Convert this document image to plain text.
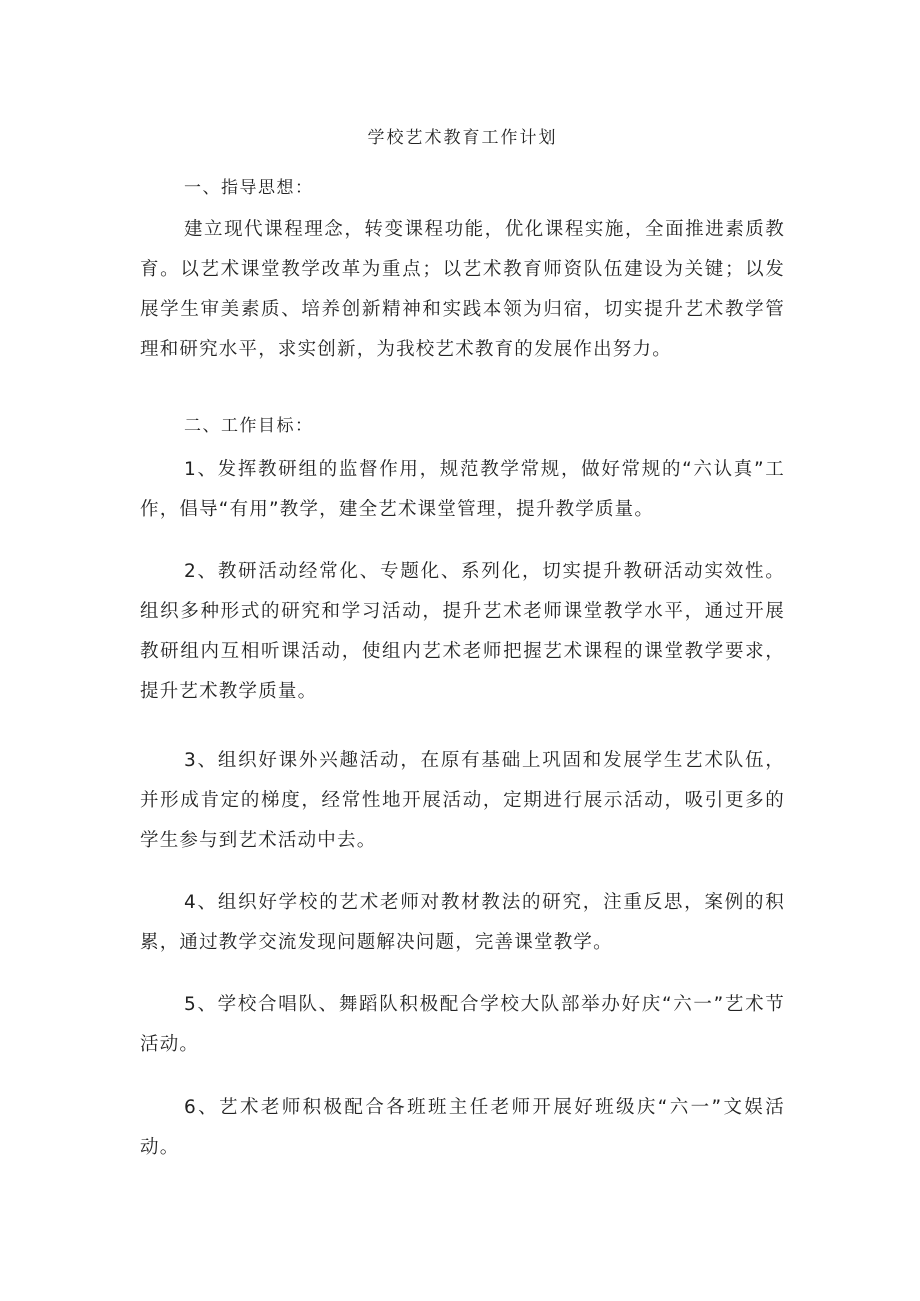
学校艺术教育工作计划
一、指导思想：
建立现代课程理念，转变课程功能，优化课程实施，全面推进素质教育。以艺术课堂教学改革为重点；以艺术教育师资队伍建设为关键；以发展学生审美素质、培养创新精神和实践本领为归宿，切实提升艺术教学管理和研究水平，求实创新，为我校艺术教育的发展作出努力。
二、工作目标：
1、发挥教研组的监督作用，规范教学常规，做好常规的“六认真”工作，倡导“有用”教学，建全艺术课堂管理，提升教学质量。
2、教研活动经常化、专题化、系列化，切实提升教研活动实效性。组织多种形式的研究和学习活动，提升艺术老师课堂教学水平，通过开展教研组内互相听课活动，使组内艺术老师把握艺术课程的课堂教学要求，提升艺术教学质量。
3、组织好课外兴趣活动，在原有基础上巩固和发展学生艺术队伍，并形成肯定的梯度，经常性地开展活动，定期进行展示活动，吸引更多的学生参与到艺术活动中去。
4、组织好学校的艺术老师对教材教法的研究，注重反思，案例的积累，通过教学交流发现问题解决问题，完善课堂教学。
5、学校合唱队、舞蹈队积极配合学校大队部举办好庆“六一”艺术节活动。
6、艺术老师积极配合各班班主任老师开展好班级庆“六一”文娱活动。
